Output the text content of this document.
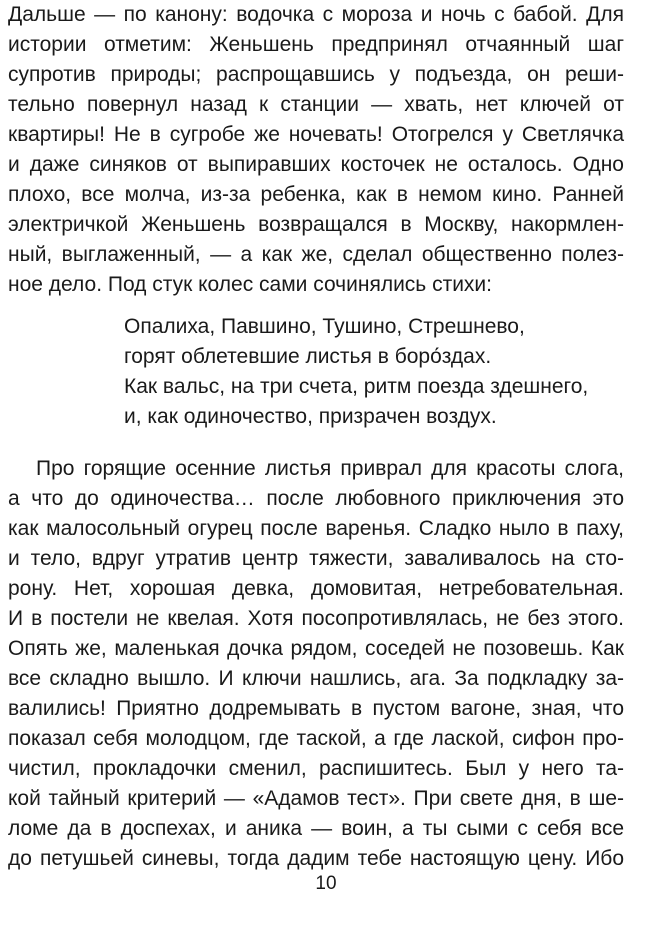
Дальше — по канону: водочка с мороза и ночь с бабой. Для
истории отметим: Женьшень предпринял отчаянный шаг
супротив природы; распрощавшись у подъезда, он реши-
тельно повернул назад к станции — хвать, нет ключей от
квартиры! Не в сугробе же ночевать! Отогрелся у Светлячка
и даже синяков от выпиравших косточек не осталось. Одно
плохо, все молча, из-за ребенка, как в немом кино. Ранней
электричкой Женьшень возвращался в Москву, накормлен-
ный, выглаженный, — а как же, сделал общественно полез-
ное дело. Под стук колес сами сочинялись стихи:
Опалиха, Павшино, Тушино, Стрешнево,
горят облетевшие листья в бoро́здах.
Как вальс, на три счета, ритм поезда здешнего,
и, как одиночество, призрачен воздух.
Про горящие осенние листья приврал для красоты слога,
а что до одиночества… после любовного приключения это
как малосольный огурец после варенья. Сладко ныло в паху,
и тело, вдруг утратив центр тяжести, заваливалось на сто-
рону. Нет, хорошая девка, домовитая, нетребовательная.
И в постели не квелая. Хотя посопротивлялась, не без этого.
Опять же, маленькая дочка рядом, соседей не позовешь. Как
все складно вышло. И ключи нашлись, ага. За подкладку за-
валились! Приятно додремывать в пустом вагоне, зная, что
показал себя молодцом, где таской, а где лаской, сифон про-
чистил, прокладочки сменил, распишитесь. Был у него та-
кой тайный критерий — «Адамов тест». При свете дня, в ше-
ломе да в доспехах, и аника — воин, а ты сыми с себя все
до петушьей синевы, тогда дадим тебе настоящую цену. Ибо
10
